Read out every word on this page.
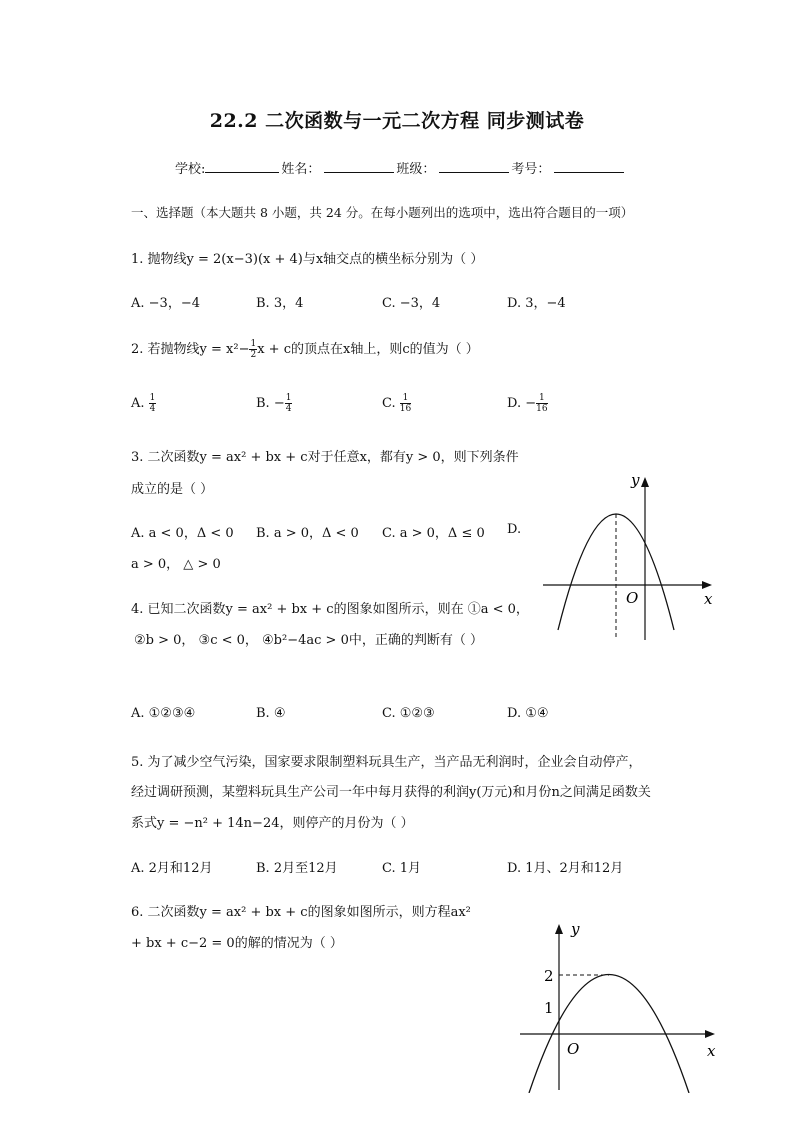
22.2 二次函数与一元二次方程 同步测试卷
学校:	姓名：	班级：	考号：
一、选择题（本大题共 8 小题，共 24 分。在每小题列出的选项中，选出符合题目的一项）
1. 抛物线y = 2(x−3)(x + 4)与x轴交点的横坐标分别为（ ）
A. −3，−4	B. 3，4	C. −3，4	D. 3，−4
2. 若抛物线$y = x^2- \frac{1}{2}$ x + c的顶点在x轴上，则c的值为（ ）
A. $\frac{1}{4}$	B. − $\frac{1}{4}$	C. $\frac{1}{16}$	D. − $\frac{1}{16}$
3. 二次函数y = ax² + bx + c对于任意x，都有y > 0，则下列条件
成立的是（ ）
A. a < 0，Δ < 0 B. a > 0，Δ < 0 C. a > 0，Δ ≤ 0 D.
a > 0， △ > 0
4. 已知二次函数y = ax² + bx + c的图象如图所示，则在 ①a < 0，
②b > 0， ③c < 0， ④b²−4ac > 0中，正确的判断有（ ）
A. ①②③④	B. ④	C. ①②③	D. ①④
x
y
O
5. 为了减少空气污染，国家要求限制塑料玩具生产，当产品无利润时，企业会自动停产，
经过调研预测，某塑料玩具生产公司一年中每月获得的利润y(万元)和月份n之间满足函数关
系式y = −n² + 14n−24，则停产的月份为（ ）
A. 2月和12月	B. 2月至12月	C. 1月	D. 1月、2月和12月
6. 二次函数y = ax² + bx + c的图象如图所示，则方程ax²
+ bx + c−2 = 0的解的情况为（ ）
x
y
O
2
1
